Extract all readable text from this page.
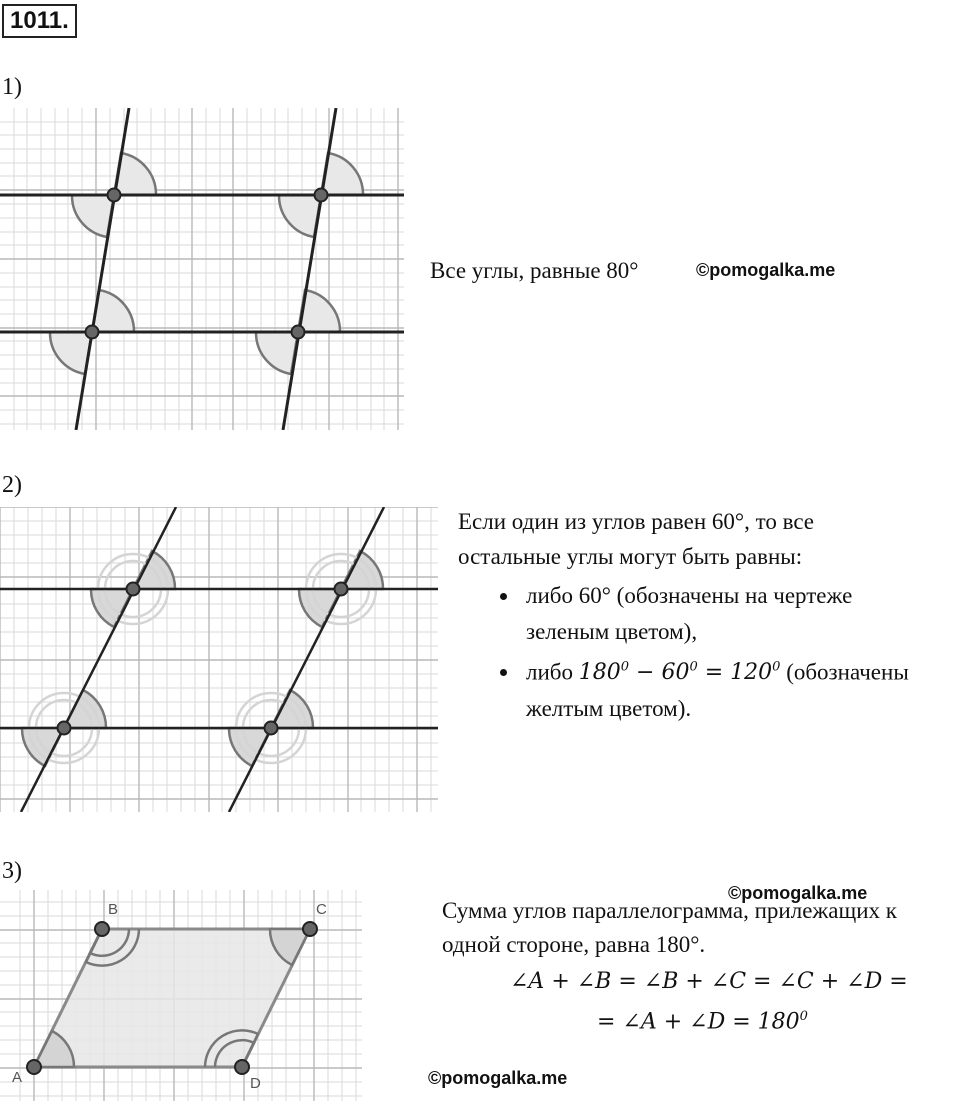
1011.
1)
Все углы, равные 80°	©pomogalka.me
2)
Если один из углов равен 60°, то все
остальные углы могут быть равны:
• либо 60° (обозначены на чертеже
зеленым цветом),
• либо $180^0 - 60^0 = 120^0$ (обозначены
желтым цветом).
3)
A
B	C
D
©pomogalka.me
Сумма углов параллелограмма, прилежащих к
одной стороне, равна 180°.
∠A + ∠B = ∠B + ∠C = ∠C + ∠D =
= ∠A + ∠D = $180^0$
©pomogalka.me
